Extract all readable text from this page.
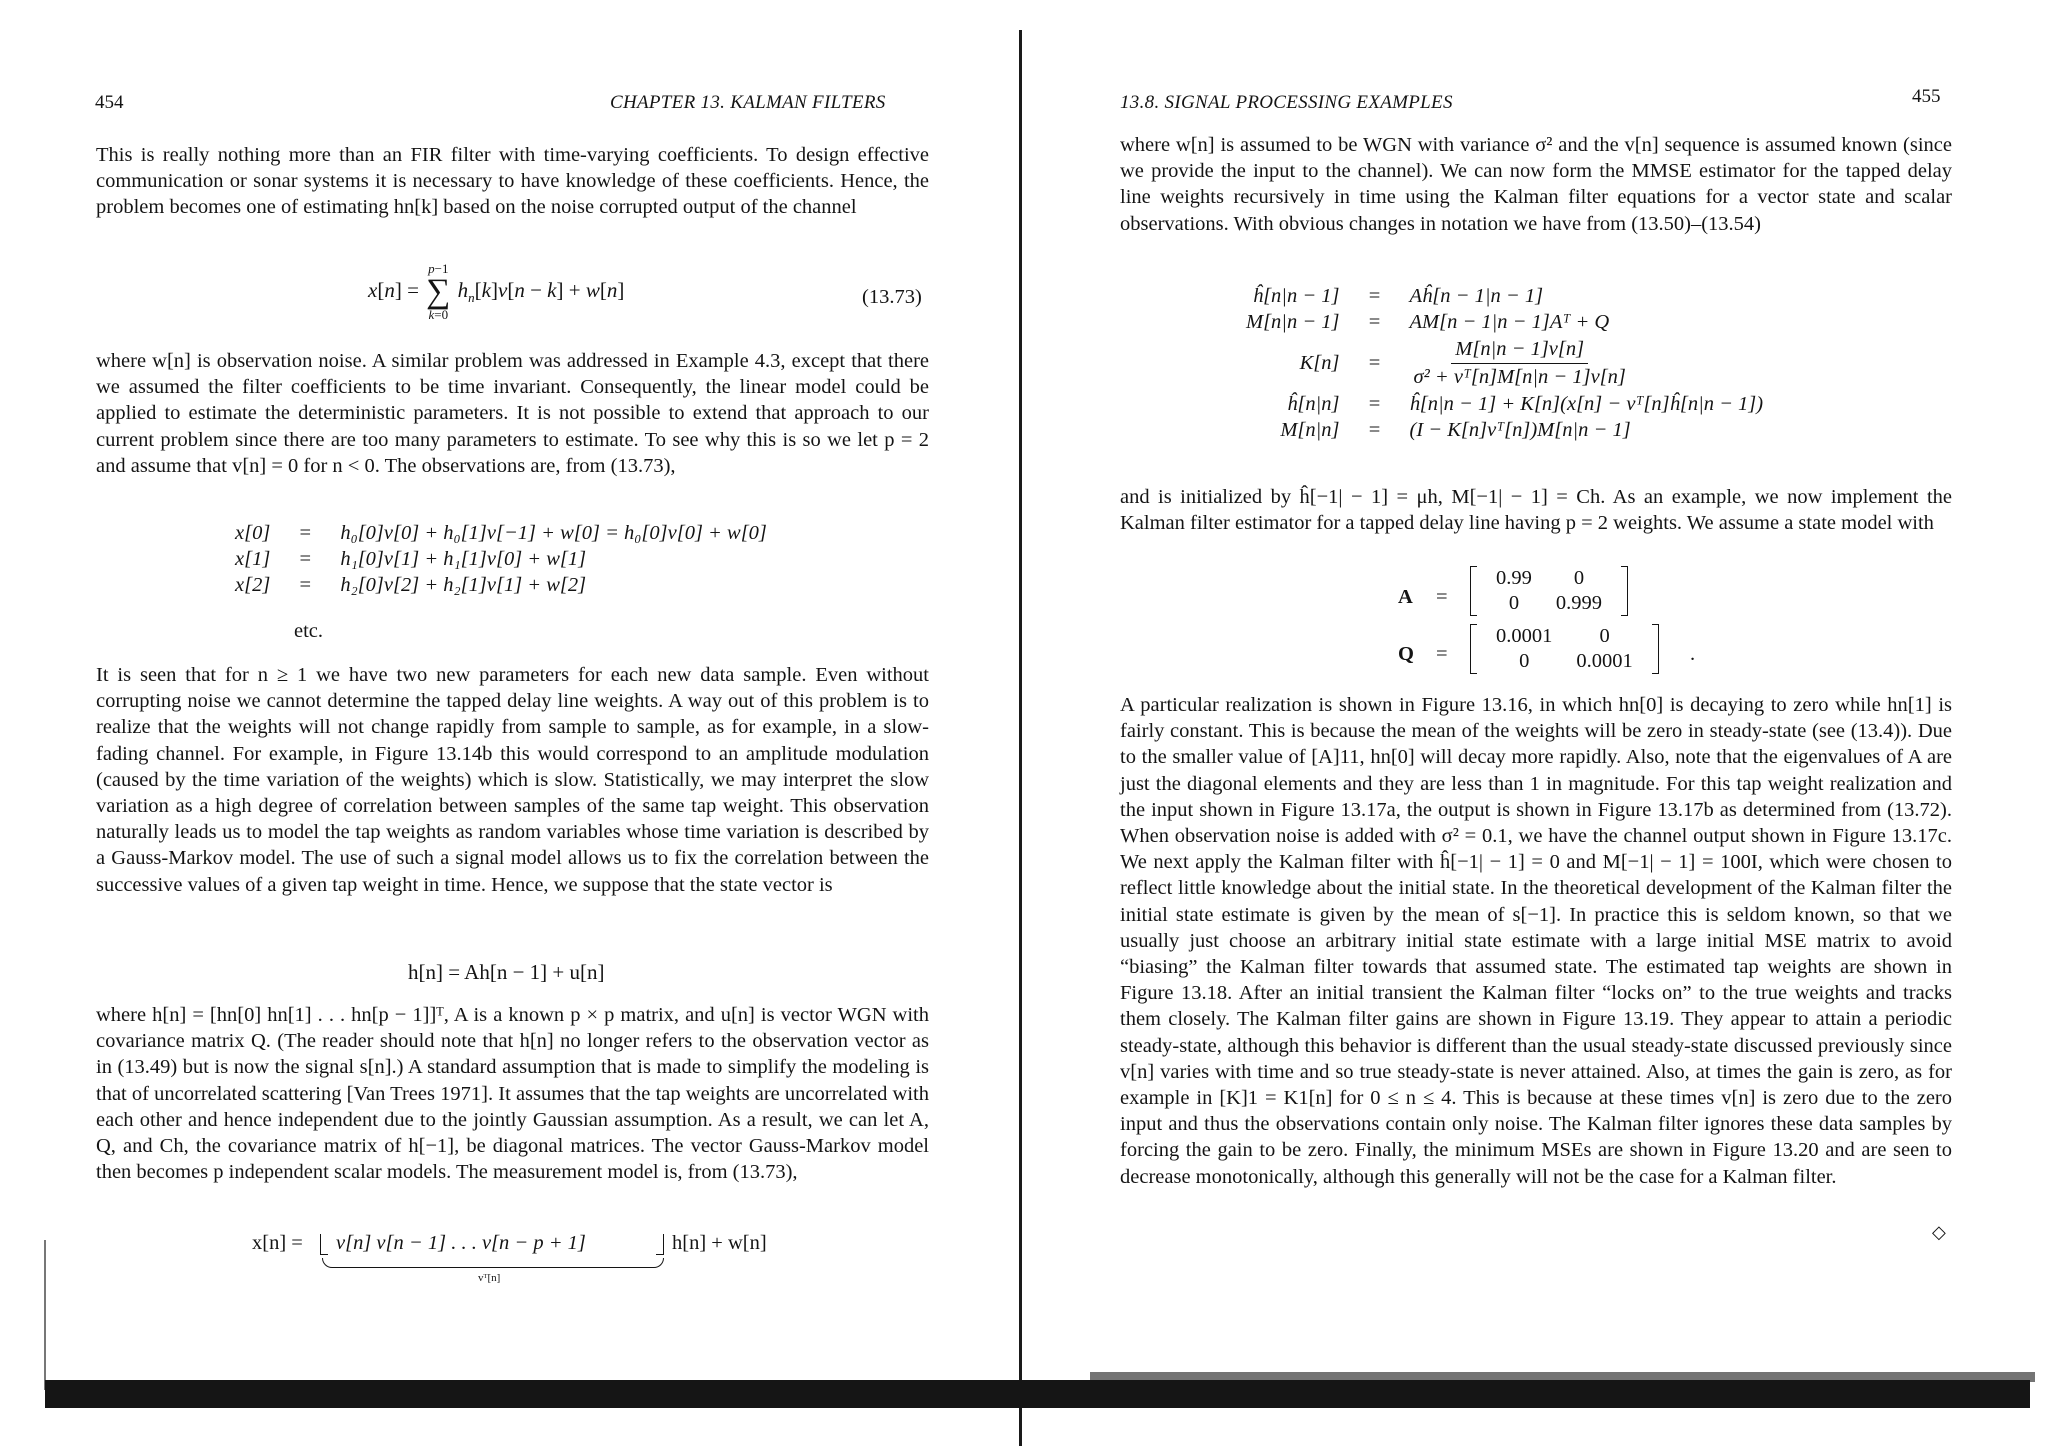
454	CHAPTER 13. KALMAN FILTERS

This is really nothing more than an FIR filter with time-varying coefficients. To design effective communication or sonar systems it is necessary to have knowledge of these coefficients. Hence, the problem becomes one of estimating hn[k] based on the noise corrupted output of the channel

x[n] =
p−1
∑
k=0
$h_n[k]v[n - k] + w[n]$	(13.73)

where w[n] is observation noise. A similar problem was addressed in Example 4.3, except that there we assumed the filter coefficients to be time invariant. Consequently, the linear model could be applied to estimate the deterministic parameters. It is not possible to extend that approach to our current problem since there are too many parameters to estimate. To see why this is so we let p = 2 and assume that v[n] = 0 for n < 0. The observations are, from (13.73),

x[0]	=	h₀[0]v[0] + h₀[1]v[−1] + w[0] = h₀[0]v[0] + w[0]
x[1]	=	h₁[0]v[1] + h₁[1]v[0] + w[1]
x[2]	=	h₂[0]v[2] + h₂[1]v[1] + w[2]
etc.

It is seen that for n ≥ 1 we have two new parameters for each new data sample. Even without corrupting noise we cannot determine the tapped delay line weights. A way out of this problem is to realize that the weights will not change rapidly from sample to sample, as for example, in a slow-fading channel. For example, in Figure 13.14b this would correspond to an amplitude modulation (caused by the time variation of the weights) which is slow. Statistically, we may interpret the slow variation as a high degree of correlation between samples of the same tap weight. This observation naturally leads us to model the tap weights as random variables whose time variation is described by a Gauss-Markov model. The use of such a signal model allows us to fix the correlation between the successive values of a given tap weight in time. Hence, we suppose that the state vector is

h[n] = Ah[n − 1] + u[n]

where h[n] = [hn[0] hn[1] . . . hn[p − 1]]ᵀ, A is a known p × p matrix, and u[n] is vector WGN with covariance matrix Q. (The reader should note that h[n] no longer refers to the observation vector as in (13.49) but is now the signal s[n].) A standard assumption that is made to simplify the modeling is that of uncorrelated scattering [Van Trees 1971]. It assumes that the tap weights are uncorrelated with each other and hence independent due to the jointly Gaussian assumption. As a result, we can let A, Q, and Ch, the covariance matrix of h[−1], be diagonal matrices. The vector Gauss-Markov model then becomes p independent scalar models. The measurement model is, from (13.73),

x[n] = v[n] v[n − 1] . . . v[n − p + 1]	h[n] + w[n]
vᵀ[n]
13.8. SIGNAL PROCESSING EXAMPLES	455

where w[n] is assumed to be WGN with variance σ² and the v[n] sequence is assumed known (since we provide the input to the channel). We can now form the MMSE estimator for the tapped delay line weights recursively in time using the Kalman filter equations for a vector state and scalar observations. With obvious changes in notation we have from (13.50)–(13.54)

ĥ[n|n − 1]	=	Aĥ[n − 1|n − 1]
M[n|n − 1]	=	AM[n − 1|n − 1]Aᵀ + Q
K[n]	=	$\frac{M[n|n - 1]v[n]}{\text{σ² + vᵀ[n]M[n|n − 1]v[n]}}$

ĥ[n|n]	=	ĥ[n|n − 1] + K[n](x[n] − vᵀ[n]ĥ[n|n − 1])
M[n|n]	=	(I − K[n]vᵀ[n])M[n|n − 1]

and is initialized by ĥ[−1| − 1] = μh, M[−1| − 1] = Ch. As an example, we now implement the Kalman filter estimator for a tapped delay line having p = 2 weights. We assume a state model with

A =
0.99	0
0	0.999
Q =
0.0001	0
0	0.0001	.

A particular realization is shown in Figure 13.16, in which hn[0] is decaying to zero while hn[1] is fairly constant. This is because the mean of the weights will be zero in steady-state (see (13.4)). Due to the smaller value of [A]11, hn[0] will decay more rapidly. Also, note that the eigenvalues of A are just the diagonal elements and they are less than 1 in magnitude. For this tap weight realization and the input shown in Figure 13.17a, the output is shown in Figure 13.17b as determined from (13.72). When observation noise is added with σ² = 0.1, we have the channel output shown in Figure 13.17c. We next apply the Kalman filter with ĥ[−1| − 1] = 0 and M[−1| − 1] = 100I, which were chosen to reflect little knowledge about the initial state. In the theoretical development of the Kalman filter the initial state estimate is given by the mean of s[−1]. In practice this is seldom known, so that we usually just choose an arbitrary initial state estimate with a large initial MSE matrix to avoid “biasing” the Kalman filter towards that assumed state. The estimated tap weights are shown in Figure 13.18. After an initial transient the Kalman filter “locks on” to the true weights and tracks them closely. The Kalman filter gains are shown in Figure 13.19. They appear to attain a periodic steady-state, although this behavior is different than the usual steady-state discussed previously since v[n] varies with time and so true steady-state is never attained. Also, at times the gain is zero, as for example in [K]1 = K1[n] for 0 ≤ n ≤ 4. This is because at these times v[n] is zero due to the zero input and thus the observations contain only noise. The Kalman filter ignores these data samples by forcing the gain to be zero. Finally, the minimum MSEs are shown in Figure 13.20 and are seen to decrease monotonically, although this generally will not be the case for a Kalman filter.

◇
